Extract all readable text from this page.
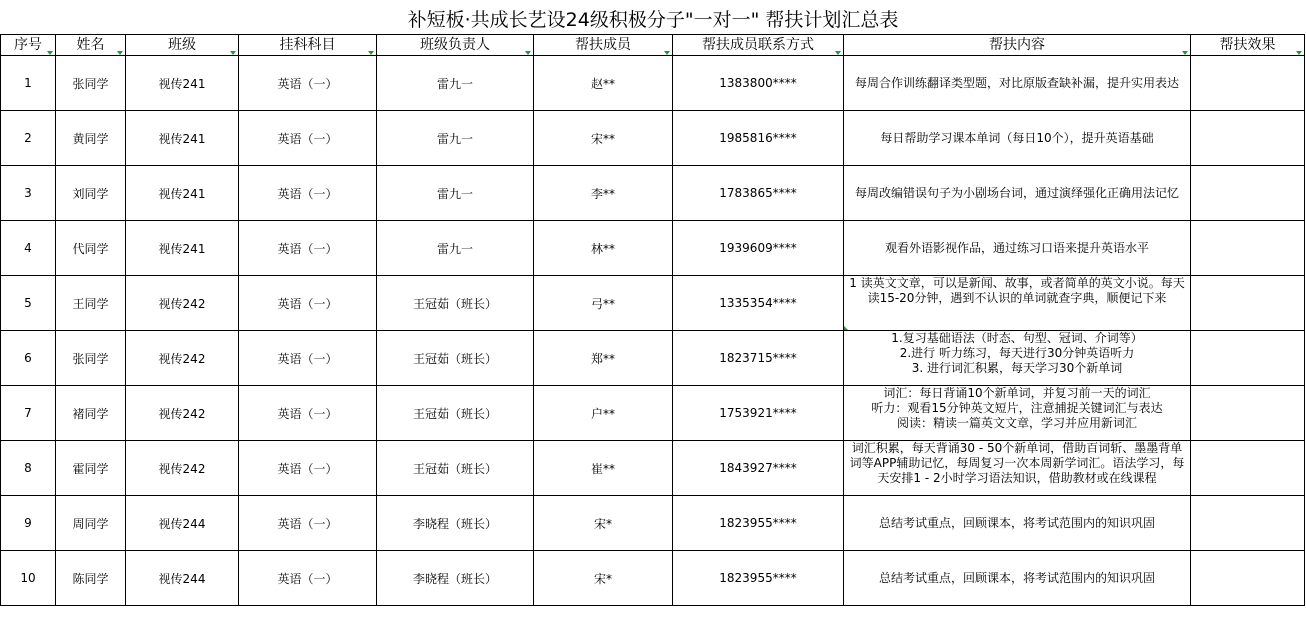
补短板·共成长艺设24级积极分子"一对一" 帮扶计划汇总表
序号	姓名	班级	挂科科目	班级负责人	帮扶成员	帮扶成员联系方式	帮扶内容	帮扶效果

1	张同学	视传241	英语（一）	雷九一	赵**	1383800****	每周合作训练翻译类型题，对比原版查缺补漏，提升实用表达	

2	黄同学	视传241	英语（一）	雷九一	宋**	1985816****	每日帮助学习课本单词（每日10个），提升英语基础	

3	刘同学	视传241	英语（一）	雷九一	李**	1783865****	每周改编错误句子为小剧场台词，通过演绎强化正确用法记忆	

4	代同学	视传241	英语（一）	雷九一	林**	1939609****	观看外语影视作品，通过练习口语来提升英语水平	

5	王同学	视传242	英语（一）	王冠茹（班长）	弓**	1335354****	1 读英文文章，可以是新闻、故事，或者简单的英文小说。每天读15-20分钟，遇到不认识的单词就查字典，顺便记下来	

6	张同学	视传242	英语（一）	王冠茹（班长）	郑**	1823715****	1.复习基础语法（时态、句型、冠词、介词等）
2.进行 听力练习，每天进行30分钟英语听力
3. 进行词汇积累，每天学习30个新单词	

7	褚同学	视传242	英语（一）	王冠茹（班长）	户**	1753921****	词汇：每日背诵10个新单词，并复习前一天的词汇
听力：观看15分钟英文短片，注意捕捉关键词汇与表达
阅读：精读一篇英文文章，学习并应用新词汇	

8	霍同学	视传242	英语（一）	王冠茹（班长）	崔**	1843927****	词汇积累，每天背诵30 - 50个新单词，借助百词斩、墨墨背单词等APP辅助记忆，每周复习一次本周新学词汇。语法学习，每天安排1 - 2小时学习语法知识，借助教材或在线课程	

9	周同学	视传244	英语（一）	李晓程（班长）	宋*	1823955****	总结考试重点，回顾课本，将考试范围内的知识巩固	

10	陈同学	视传244	英语（一）	李晓程（班长）	宋*	1823955****	总结考试重点，回顾课本，将考试范围内的知识巩固	
